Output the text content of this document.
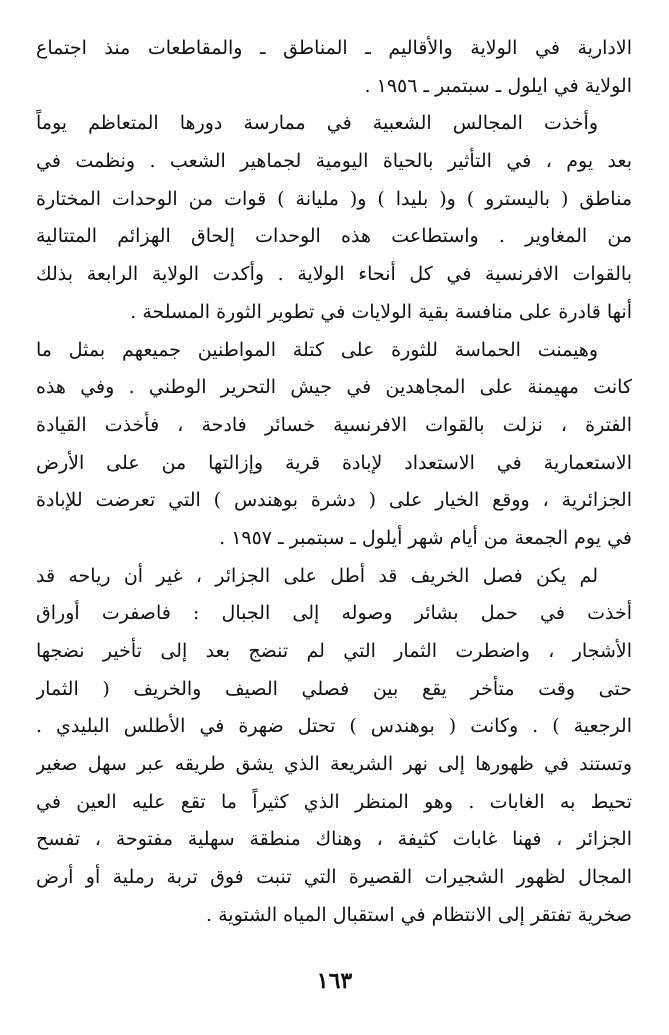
الادارية في الولاية والأقاليم ـ المناطق ـ والمقاطعات منذ اجتماع
الولاية في ايلول ـ سبتمبر ـ ١٩٥٦ .
وأخذت المجالس الشعبية في ممارسة دورها المتعاظم يوماً
بعد يوم ، في التأثير بالحياة اليومية لجماهير الشعب . ونظمت في
مناطق ( باليسترو ) و( بليدا ) و( مليانة ) قوات من الوحدات المختارة
من المغاوير . واستطاعت هذه الوحدات إلحاق الهزائم المتتالية
بالقوات الافرنسية في كل أنحاء الولاية . وأكدت الولاية الرابعة بذلك
أنها قادرة على منافسة بقية الولايات في تطوير الثورة المسلحة .
وهيمنت الحماسة للثورة على كتلة المواطنين جميعهم بمثل ما
كانت مهيمنة على المجاهدين في جيش التحرير الوطني . وفي هذه
الفترة ، نزلت بالقوات الافرنسية خسائر فادحة ، فأخذت القيادة
الاستعمارية في الاستعداد لإبادة قرية وإزالتها من على الأرض
الجزائرية ، ووقع الخيار على ( دشرة بوهندس ) التي تعرضت للإبادة
في يوم الجمعة من أيام شهر أيلول ـ سبتمبر ـ ١٩٥٧ .
لم يكن فصل الخريف قد أطل على الجزائر ، غير أن رياحه قد
أخذت في حمل بشائر وصوله إلى الجبال : فاصفرت أوراق
الأشجار ، واضطرت الثمار التي لم تنضج بعد إلى تأخير نضجها
حتى وقت متأخر يقع بين فصلي الصيف والخريف ( الثمار
الرجعية ) . وكانت ( بوهندس ) تحتل ضهرة في الأطلس البليدي .
وتستند في ظهورها إلى نهر الشريعة الذي يشق طريقه عبر سهل صغير
تحيط به الغابات . وهو المنظر الذي كثيراً ما تقع عليه العين في
الجزائر ، فهنا غابات كثيفة ، وهناك منطقة سهلية مفتوحة ، تفسح
المجال لظهور الشجيرات القصيرة التي تنبت فوق تربة رملية أو أرض
صخرية تفتقر إلى الانتظام في استقبال المياه الشتوية .
١٦٣
